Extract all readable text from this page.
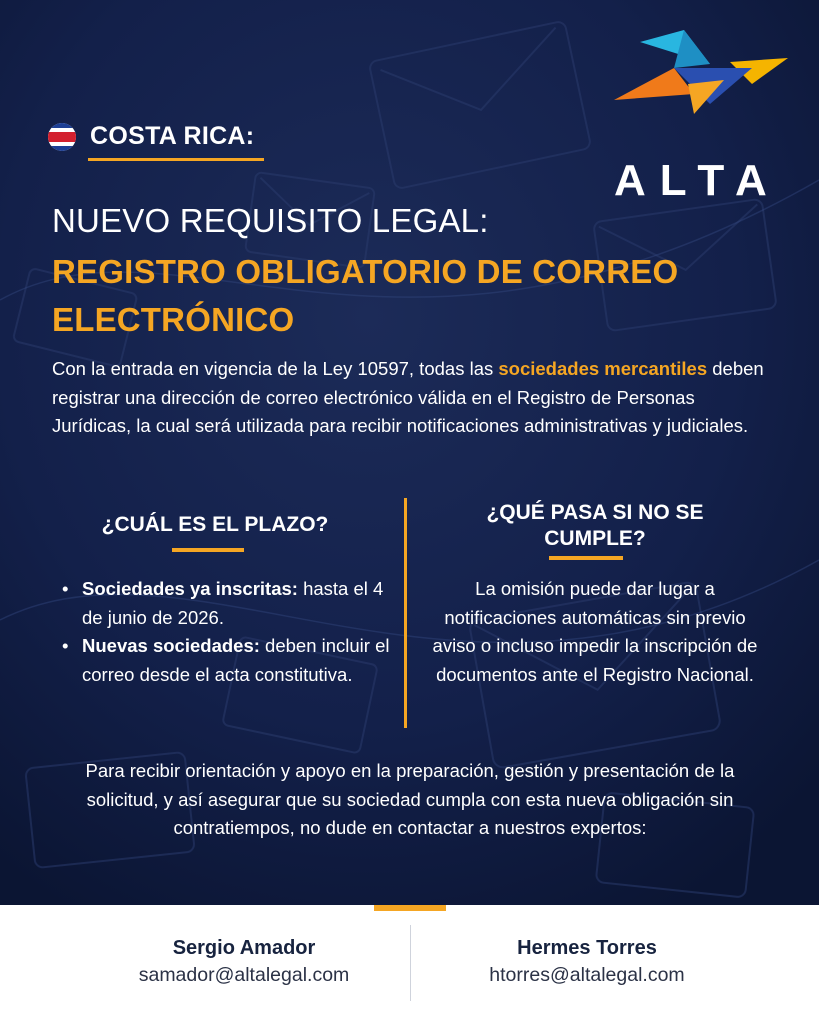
COSTA RICA:
ALTA
NUEVO REQUISITO LEGAL:
REGISTRO OBLIGATORIO DE CORREO ELECTRÓNICO

Con la entrada en vigencia de la Ley 10597, todas las sociedades mercantiles deben registrar una dirección de correo electrónico válida en el Registro de Personas Jurídicas, la cual será utilizada para recibir notificaciones administrativas y judiciales.

¿CUÁL ES EL PLAZO?
• Sociedades ya inscritas: hasta el 4 de junio de 2026.
• Nuevas sociedades: deben incluir el correo desde el acta constitutiva.
¿QUÉ PASA SI NO SE CUMPLE?
La omisión puede dar lugar a notificaciones automáticas sin previo aviso o incluso impedir la inscripción de documentos ante el Registro Nacional.
Para recibir orientación y apoyo en la preparación, gestión y presentación de la solicitud, y así asegurar que su sociedad cumpla con esta nueva obligación sin contratiempos, no dude en contactar a nuestros expertos:
Sergio Amador
samador@altalegal.com
Hermes Torres
htorres@altalegal.com
